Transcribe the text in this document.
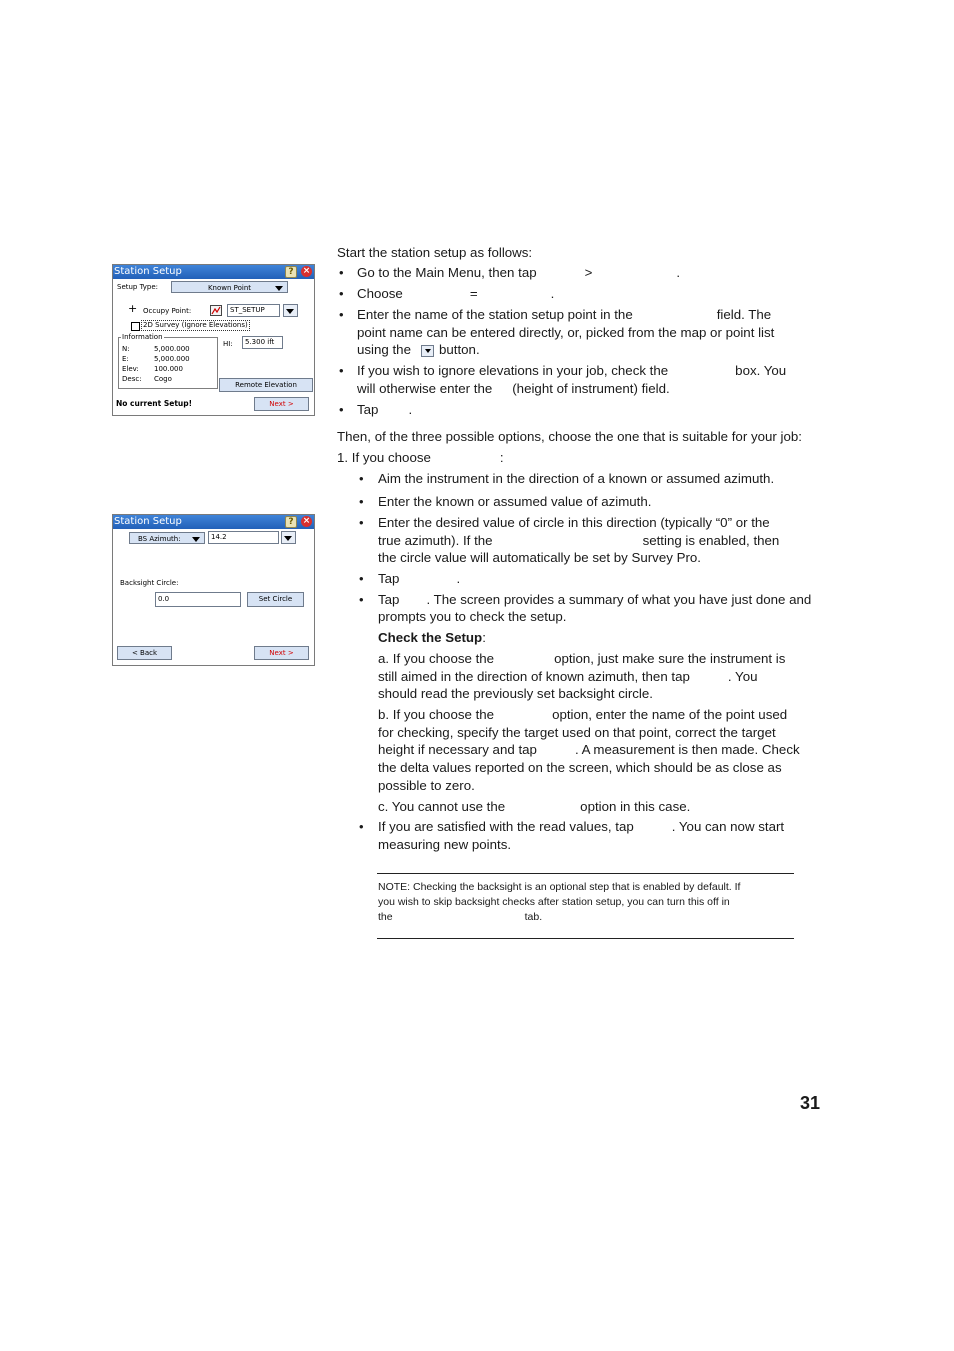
Station Setup	?	×
Setup Type:	Known Point
+ Occupy Point:	ST_SETUP
2D Survey (Ignore Elevations)
Information
N:	5,000.000
E:	5,000.000
Elev: 100.000
Desc: Cogo
HI:	5.300 ift
Remote Elevation
No current Setup!	Next >
Station Setup	?	×
BS Azimuth:	14.2
Backsight Circle:
0.0	Set Circle
< Back	Next >
Start the station setup as follows:
• Go to the Main Menu, then tap	>	.
• Choose	=	.
• Enter the name of the station setup point in the	field. The
point name can be entered directly, or, picked from the map or point list
using the button.
• If you wish to ignore elevations in your job, check the	box. You
will otherwise enter the (height of instrument) field.
• Tap .
Then, of the three possible options, choose the one that is suitable for your job:
1. If you choose	:
• Aim the instrument in the direction of a known or assumed azimuth.
• Enter the known or assumed value of azimuth.
• Enter the desired value of circle in this direction (typically “0” or the
true azimuth). If the	setting is enabled, then
the circle value will automatically be set by Survey Pro.
• Tap	.
• Tap . The screen provides a summary of what you have just done and
prompts you to check the setup.
Check the Setup:
a. If you choose the	option, just make sure the instrument is
still aimed in the direction of known azimuth, then tap	. You
should read the previously set backsight circle.
b. If you choose the	option, enter the name of the point used
for checking, specify the target used on that point, correct the target
height if necessary and tap	. A measurement is then made. Check
the delta values reported on the screen, which should be as close as
possible to zero.
c. You cannot use the	option in this case.
• If you are satisfied with the read values, tap	. You can now start
measuring new points.
NOTE: Checking the backsight is an optional step that is enabled by default. If
you wish to skip backsight checks after station setup, you can turn this off in
the	tab.
31
